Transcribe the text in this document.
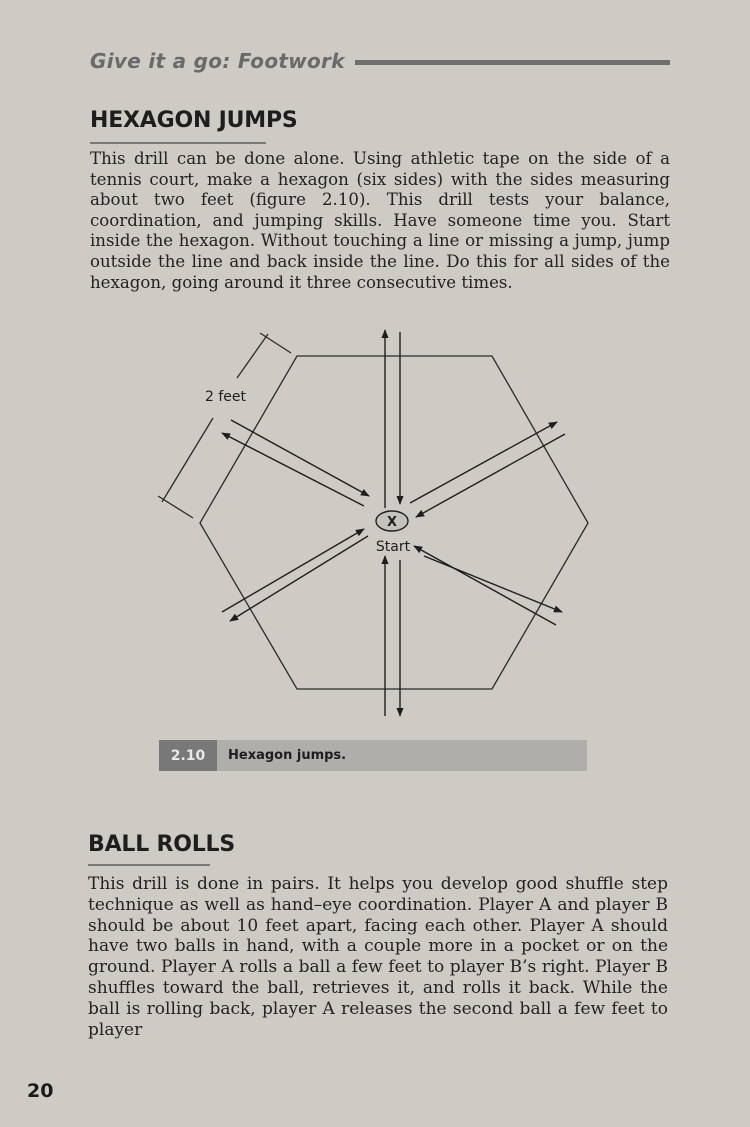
Give it a go: Footwork
HEXAGON JUMPS
This drill can be done alone. Using athletic tape on the side of a tennis court, make a hexagon (six sides) with the sides measuring about two feet (figure 2.10). This drill tests your balance, coordination, and jumping skills. Have someone time you. Start inside the hexagon. Without touching a line or missing a jump, jump outside the line and back inside the line. Do this for all sides of the hexagon, going around it three consecutive times.
2 feet
X
Start
2.10	Hexagon jumps.
BALL ROLLS
This drill is done in pairs. It helps you develop good shuffle step technique as well as hand–eye coordination. Player A and player B should be about 10 feet apart, facing each other. Player A should have two balls in hand, with a couple more in a pocket or on the ground. Player A rolls a ball a few feet to player B’s right. Player B shuffles toward the ball, retrieves it, and rolls it back. While the ball is rolling back, player A releases the second ball a few feet to player
20
